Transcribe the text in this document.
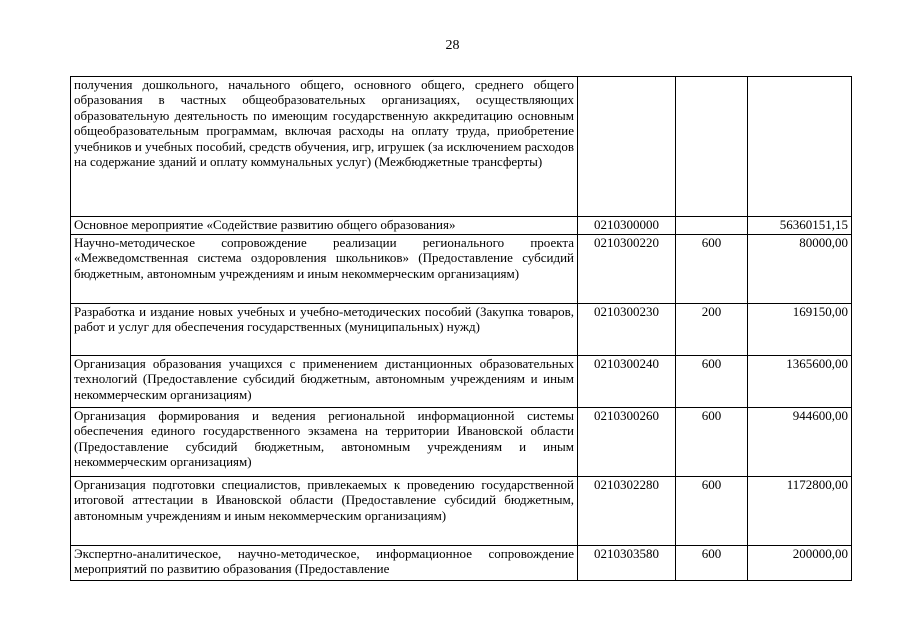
28
получения дошкольного, начального общего, основного общего, среднего общего образования в частных общеобразовательных организациях, осуществляющих образовательную деятельность по имеющим государственную аккредитацию основным общеобразовательным программам, включая расходы на оплату труда, приобретение учебников и учебных пособий, средств обучения, игр, игрушек (за исключением расходов на содержание зданий и оплату коммунальных услуг) (Межбюджетные трансферты)			
Основное мероприятие «Содействие развитию общего образования»	0210300000		56360151,15
Научно-методическое сопровождение реализации регионального проекта «Межведомственная система оздоровления школьников» (Предоставление субсидий бюджетным, автономным учреждениям и иным некоммерческим организациям)	0210300220	600	80000,00
Разработка и издание новых учебных и учебно-методических пособий (Закупка товаров, работ и услуг для обеспечения государственных (муниципальных) нужд)	0210300230	200	169150,00
Организация образования учащихся с применением дистанционных образовательных технологий (Предоставление субсидий бюджетным, автономным учреждениям и иным некоммерческим организациям)	0210300240	600	1365600,00
Организация формирования и ведения региональной информационной системы обеспечения единого государственного экзамена на территории Ивановской области (Предоставление субсидий бюджетным, автономным учреждениям и иным некоммерческим организациям)	0210300260	600	944600,00
Организация подготовки специалистов, привлекаемых к проведению государственной итоговой аттестации в Ивановской области (Предоставление субсидий бюджетным, автономным учреждениям и иным некоммерческим организациям)	0210302280	600	1172800,00
Экспертно-аналитическое, научно-методическое, информационное сопровождение мероприятий по развитию образования (Предоставление	0210303580	600	200000,00
